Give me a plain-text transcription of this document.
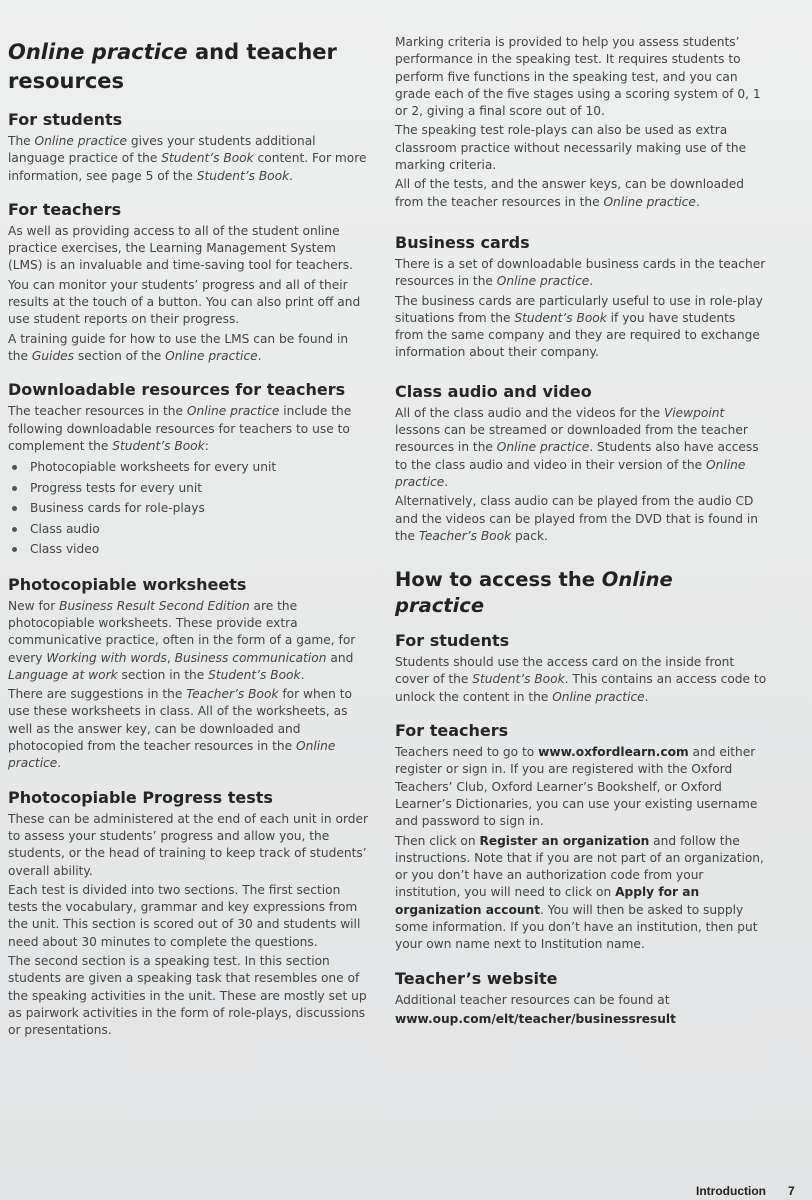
Online practice and teacher resources
For students

The Online practice gives your students additional language practice of the Student’s Book content. For more information, see page 5 of the Student’s Book.

For teachers

As well as providing access to all of the student online practice exercises, the Learning Management System (LMS) is an invaluable and time-saving tool for teachers.

You can monitor your students’ progress and all of their results at the touch of a button. You can also print off and use student reports on their progress.

A training guide for how to use the LMS can be found in the Guides section of the Online practice.

Downloadable resources for teachers

The teacher resources in the Online practice include the following downloadable resources for teachers to use to complement the Student’s Book:

Photocopiable worksheets for every unit
Progress tests for every unit
Business cards for role-plays
Class audio
Class video
Photocopiable worksheets

New for Business Result Second Edition are the photocopiable worksheets. These provide extra communicative practice, often in the form of a game, for every Working with words, Business communication and Language at work section in the Student’s Book.

There are suggestions in the Teacher’s Book for when to use these worksheets in class. All of the worksheets, as well as the answer key, can be downloaded and photocopied from the teacher resources in the Online practice.

Photocopiable Progress tests

These can be administered at the end of each unit in order to assess your students’ progress and allow you, the students, or the head of training to keep track of students’ overall ability.

Each test is divided into two sections. The first section tests the vocabulary, grammar and key expressions from the unit. This section is scored out of 30 and students will need about 30 minutes to complete the questions.

The second section is a speaking test. In this section students are given a speaking task that resembles one of the speaking activities in the unit. These are mostly set up as pairwork activities in the form of role-plays, discussions or presentations.

Marking criteria is provided to help you assess students’ performance in the speaking test. It requires students to perform five functions in the speaking test, and you can grade each of the five stages using a scoring system of 0, 1 or 2, giving a final score out of 10.

The speaking test role-plays can also be used as extra classroom practice without necessarily making use of the marking criteria.

All of the tests, and the answer keys, can be downloaded from the teacher resources in the Online practice.

Business cards

There is a set of downloadable business cards in the teacher resources in the Online practice.

The business cards are particularly useful to use in role-play situations from the Student’s Book if you have students from the same company and they are required to exchange information about their company.

Class audio and video

All of the class audio and the videos for the Viewpoint lessons can be streamed or downloaded from the teacher resources in the Online practice. Students also have access to the class audio and video in their version of the Online practice.

Alternatively, class audio can be played from the audio CD and the videos can be played from the DVD that is found in the Teacher’s Book pack.

How to access the Online practice
For students

Students should use the access card on the inside front cover of the Student’s Book. This contains an access code to unlock the content in the Online practice.

For teachers

Teachers need to go to www.oxfordlearn.com and either register or sign in. If you are registered with the Oxford Teachers’ Club, Oxford Learner’s Bookshelf, or Oxford Learner’s Dictionaries, you can use your existing username and password to sign in.

Then click on Register an organization and follow the instructions. Note that if you are not part of an organization, or you don’t have an authorization code from your institution, you will need to click on Apply for an organization account. You will then be asked to supply some information. If you don’t have an institution, then put your own name next to Institution name.

Teacher’s website

Additional teacher resources can be found at

www.oup.com/elt/teacher/businessresult

Introduction 7
